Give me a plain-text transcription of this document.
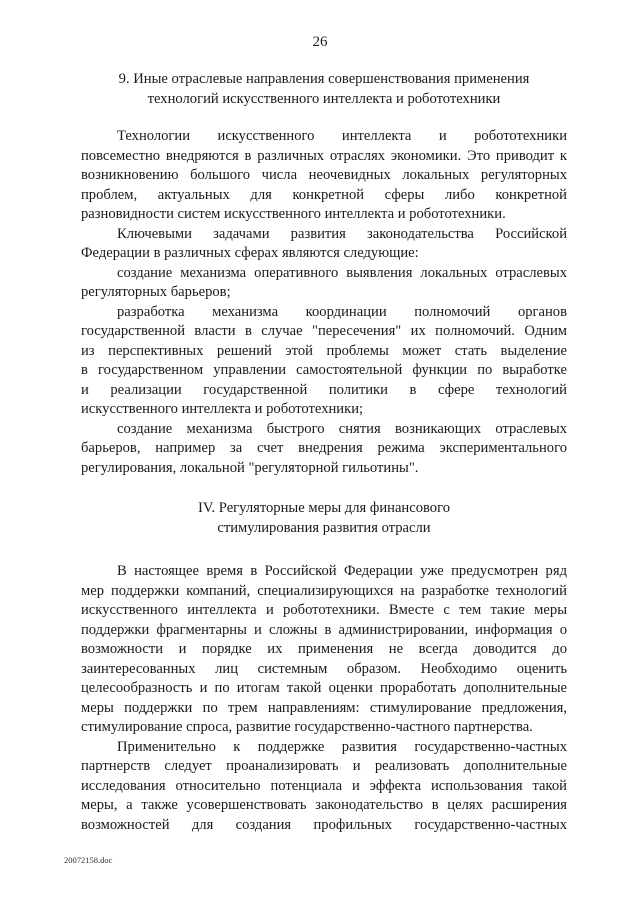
26
9. Иные отраслевые направления совершенствования применения
технологий искусственного интеллекта и робототехники
Технологии искусственного интеллекта и робототехники
повсеместно внедряются в различных отраслях экономики. Это приводит к
возникновению большого числа неочевидных локальных регуляторных
проблем, актуальных для конкретной сферы либо конкретной
разновидности систем искусственного интеллекта и робототехники.
Ключевыми задачами развития законодательства Российской
Федерации в различных сферах являются следующие:
создание механизма оперативного выявления локальных отраслевых
регуляторных барьеров;
разработка механизма координации полномочий органов
государственной власти в случае "пересечения" их полномочий. Одним
из перспективных решений этой проблемы может стать выделение
в государственном управлении самостоятельной функции по выработке
и реализации государственной политики в сфере технологий
искусственного интеллекта и робототехники;
создание механизма быстрого снятия возникающих отраслевых
барьеров, например за счет внедрения режима экспериментального
регулирования, локальной "регуляторной гильотины".
IV. Регуляторные меры для финансового
стимулирования развития отрасли
В настоящее время в Российской Федерации уже предусмотрен ряд
мер поддержки компаний, специализирующихся на разработке технологий
искусственного интеллекта и робототехники. Вместе с тем такие меры
поддержки фрагментарны и сложны в администрировании, информация о
возможности и порядке их применения не всегда доводится до
заинтересованных лиц системным образом. Необходимо оценить
целесообразность и по итогам такой оценки проработать дополнительные
меры поддержки по трем направлениям: стимулирование предложения,
стимулирование спроса, развитие государственно-частного партнерства.
Применительно к поддержке развития государственно-частных
партнерств следует проанализировать и реализовать дополнительные
исследования относительно потенциала и эффекта использования такой
меры, а также усовершенствовать законодательство в целях расширения
возможностей для создания профильных государственно-частных
20072158.doc
